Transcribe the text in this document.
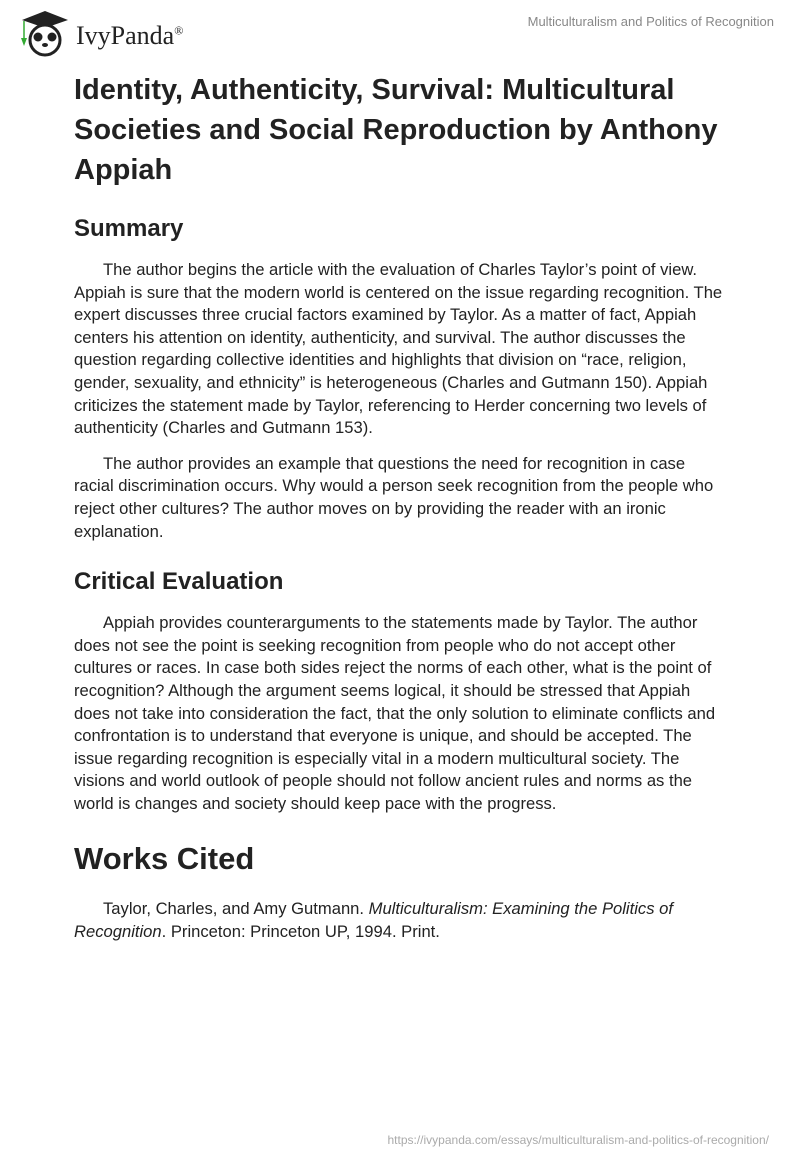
IvyPanda®
Multiculturalism and Politics of Recognition
Identity, Authenticity, Survival: Multicultural Societies and Social Reproduction by Anthony Appiah
Summary

The author begins the article with the evaluation of Charles Taylor’s point of view. Appiah is sure that the modern world is centered on the issue regarding recognition. The expert discusses three crucial factors examined by Taylor. As a matter of fact, Appiah centers his attention on identity, authenticity, and survival. The author discusses the question regarding collective identities and highlights that division on “race, religion, gender, sexuality, and ethnicity” is heterogeneous (Charles and Gutmann 150). Appiah criticizes the statement made by Taylor, referencing to Herder concerning two levels of authenticity (Charles and Gutmann 153).

The author provides an example that questions the need for recognition in case racial discrimination occurs. Why would a person seek recognition from the people who reject other cultures? The author moves on by providing the reader with an ironic explanation.

Critical Evaluation

Appiah provides counterarguments to the statements made by Taylor. The author does not see the point is seeking recognition from people who do not accept other cultures or races. In case both sides reject the norms of each other, what is the point of recognition? Although the argument seems logical, it should be stressed that Appiah does not take into consideration the fact, that the only solution to eliminate conflicts and confrontation is to understand that everyone is unique, and should be accepted. The issue regarding recognition is especially vital in a modern multicultural society. The visions and world outlook of people should not follow ancient rules and norms as the world is changes and society should keep pace with the progress.

Works Cited

Taylor, Charles, and Amy Gutmann. Multiculturalism: Examining the Politics of Recognition. Princeton: Princeton UP, 1994. Print.

https://ivypanda.com/essays/multiculturalism-and-politics-of-recognition/
